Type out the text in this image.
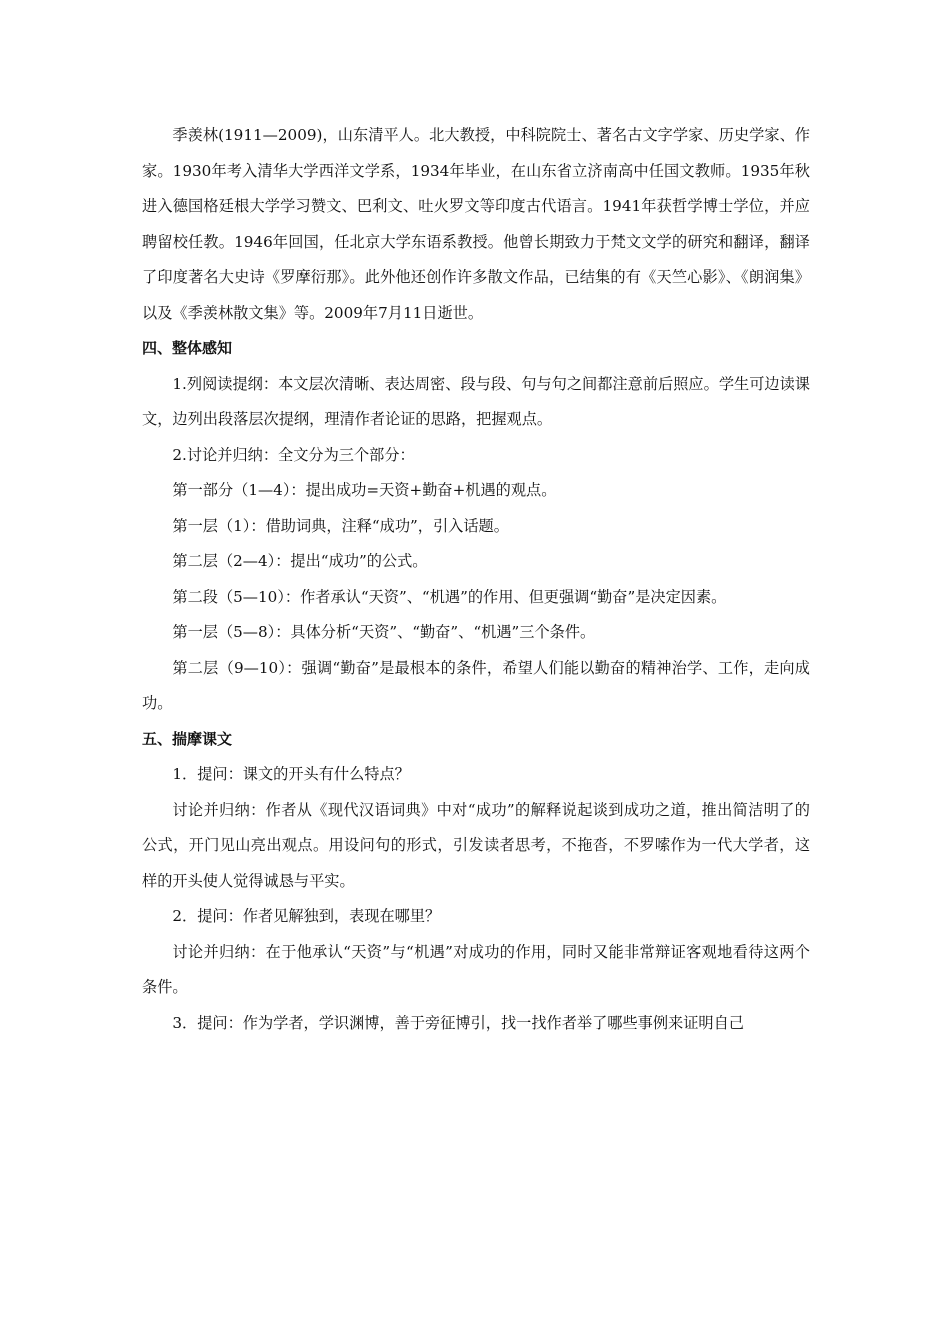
季羡林(1911—2009)，山东清平人。北大教授，中科院院士、著名古文字学家、历史学家、作家。1930年考入清华大学西洋文学系，1934年毕业，在山东省立济南高中任国文教师。1935年秋进入德国格廷根大学学习赞文、巴利文、吐火罗文等印度古代语言。1941年获哲学博士学位，并应聘留校任教。1946年回国，任北京大学东语系教授。他曾长期致力于梵文文学的研究和翻译，翻译了印度著名大史诗《罗摩衍那》。此外他还创作许多散文作品，已结集的有《天竺心影》、《朗润集》以及《季羡林散文集》等。2009年7月11日逝世。

四、整体感知

1.列阅读提纲：本文层次清晰、表达周密、段与段、句与句之间都注意前后照应。学生可边读课文，边列出段落层次提纲，理清作者论证的思路，把握观点。

2.讨论并归纳：全文分为三个部分：

第一部分（1—4）：提出成功=天资+勤奋+机遇的观点。

第一层（1）：借助词典，注释“成功”，引入话题。

第二层（2—4）：提出“成功”的公式。

第二段（5—10）：作者承认“天资”、“机遇”的作用、但更强调“勤奋”是决定因素。

第一层（5—8）：具体分析“天资”、“勤奋”、“机遇”三个条件。

第二层（9—10）：强调“勤奋”是最根本的条件，希望人们能以勤奋的精神治学、工作，走向成功。

五、揣摩课文

1．提问：课文的开头有什么特点？

讨论并归纳：作者从《现代汉语词典》中对“成功”的解释说起谈到成功之道，推出简洁明了的公式，开门见山亮出观点。用设问句的形式，引发读者思考，不拖沓，不罗嗦作为一代大学者，这样的开头使人觉得诚恳与平实。

2．提问：作者见解独到，表现在哪里？

讨论并归纳：在于他承认“天资”与“机遇”对成功的作用，同时又能非常辩证客观地看待这两个条件。

3．提问：作为学者，学识渊博，善于旁征博引，找一找作者举了哪些事例来证明自己
